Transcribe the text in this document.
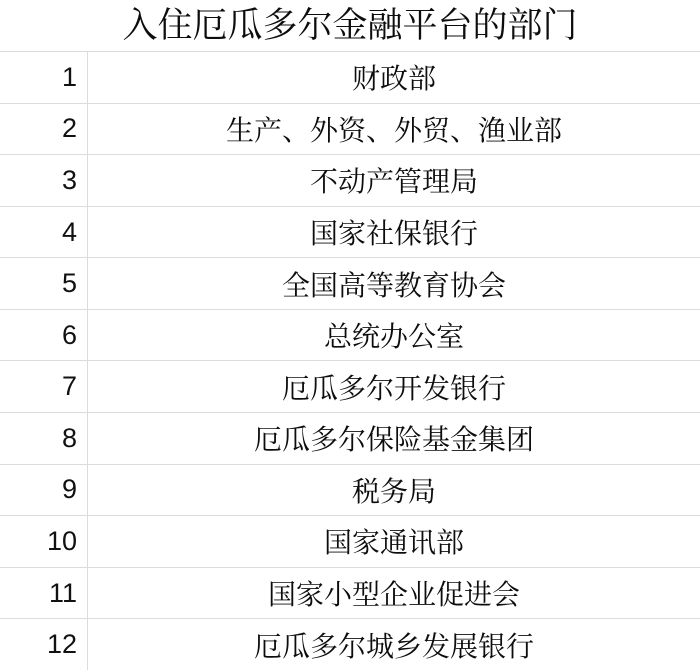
入住厄瓜多尔金融平台的部门
1	财政部
2	生产、外资、外贸、渔业部
3	不动产管理局
4	国家社保银行
5	全国高等教育协会
6	总统办公室
7	厄瓜多尔开发银行
8	厄瓜多尔保险基金集团
9	税务局
10	国家通讯部
11	国家小型企业促进会
12	厄瓜多尔城乡发展银行
